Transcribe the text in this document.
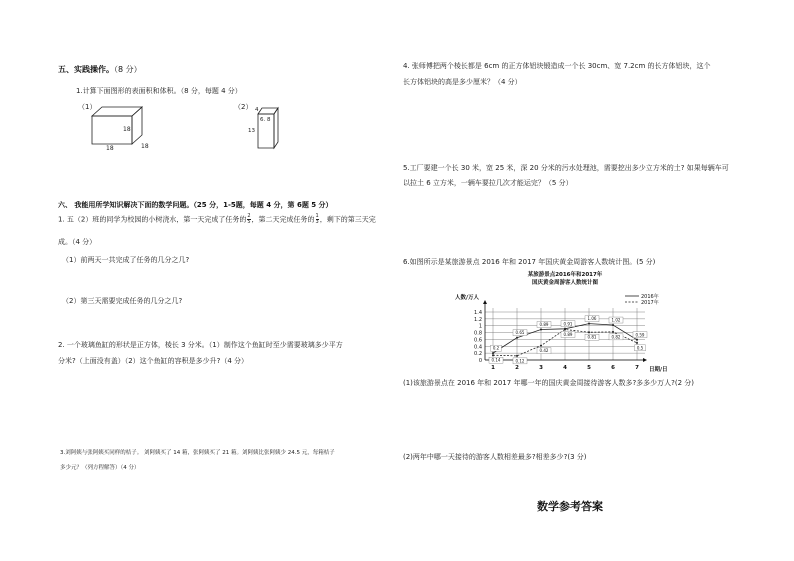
五、实践操作。（8 分）
1.计算下面图形的表面积和体积。（8 分，每题 4 分）
（1）
18
18	18
（2） 4
6. 8
13
六、 我能用所学知识解决下面的数学问题。（25 分，1-5题，每题 4 分，第 6题 5 分）
1. 五（2）班的同学为校园的小树浇水，第一天完成了任务的 $\frac{2}{5}$ ，第二天完成任务的 $\frac{1}{3}$ ，剩下的第三天完
成。（4 分）
（1）前两天一共完成了任务的几分之几?
（2）第三天需要完成任务的几分之几?
2. 一个玻璃鱼缸的形状是正方体，棱长 3 分米。（1）制作这个鱼缸时至少需要玻璃多少平方
分米?（上面没有盖）（2）这个鱼缸的容积是多少升?（4 分）
3.刘阿姨与张阿姨买同样的桔子。 刘阿姨买了 14 箱，张阿姨买了 21 箱。刘阿姨比张阿姨少 24.5 元，每箱桔子
多少元？（列方程解答）（4 分）
4. 张师傅把两个棱长都是 6cm 的正方体铝块锻造成一个长 30cm、宽 7.2cm 的长方体铝块，这个
长方体铝块的高是多少厘米？（4 分）
5.工厂要建一个长 30 米，宽 25 米，深 20 分米的污水处理池，需要挖出多少立方米的土? 如果每辆车可
以拉土 6 立方米，一辆车要拉几次才能运完？（5 分）
6.如图所示是某旅游景点 2016 年和 2017 年国庆黄金周游客人数统计图。(5 分)
某旅游景点2016年和2017年
国庆黄金周游客人数统计图
人数/万人
日期/日
0
0.2
0.4
0.6
0.8
1
1.2
1.4
1	2	3	4	5	6	7
2016年
2017年
0.2
0.65
0.89	0.91
1.06	1.02
0.59
0.14	0.12
0.42
0.89
0.81	0.82
0.5
(1)该旅游景点在 2016 年和 2017 年哪一年的国庆黄金周接待游客人数多?多多少万人?(2 分)
(2)两年中哪一天接待的游客人数相差最多?相差多少?(3 分)
数学参考答案
